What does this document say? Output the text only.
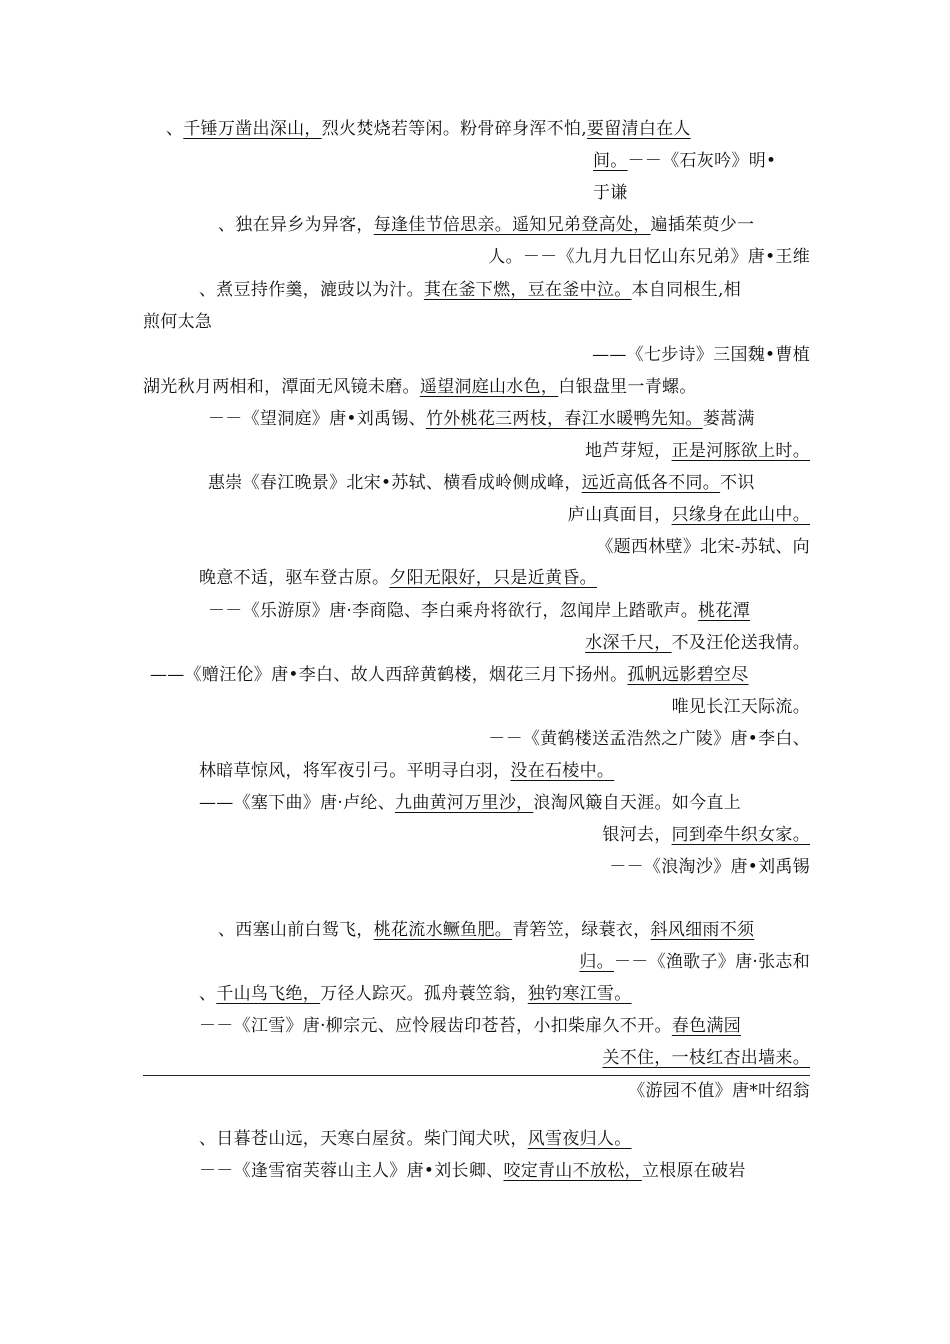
、千锤万凿出深山，烈火焚烧若等闲。粉骨碎身浑不怕,要留清白在人
间。－－《石灰吟》明•
于谦
、独在异乡为异客，每逢佳节倍思亲。遥知兄弟登高处，遍插茱萸少一
人。－－《九月九日忆山东兄弟》唐•王维
、煮豆持作羹，漉豉以为汁。萁在釜下燃，豆在釜中泣。本自同根生,相
煎何太急
——《七步诗》三国魏•曹植
湖光秋月两相和，潭面无风镜未磨。遥望洞庭山水色，白银盘里一青螺。
－－《望洞庭》唐•刘禹锡、竹外桃花三两枝，春江水暖鸭先知。蒌蒿满
地芦芽短，正是河豚欲上时。
惠崇《春江晚景》北宋•苏轼、横看成岭侧成峰，远近高低各不同。不识
庐山真面目，只缘身在此山中。
《题西林壁》北宋-苏轼、向
晚意不适，驱车登古原。夕阳无限好，只是近黄昏。
－－《乐游原》唐·李商隐、李白乘舟将欲行，忽闻岸上踏歌声。桃花潭
水深千尺，不及汪伦送我情。
——《赠汪伦》唐•李白、故人西辞黄鹤楼，烟花三月下扬州。孤帆远影碧空尽
唯见长江天际流。
－－《黄鹤楼送孟浩然之广陵》唐•李白、
林暗草惊风，将军夜引弓。平明寻白羽，没在石棱中。
——《塞下曲》唐·卢纶、九曲黄河万里沙，浪淘风簸自天涯。如今直上
银河去，同到牵牛织女家。
－－《浪淘沙》唐•刘禹锡
、西塞山前白鸳飞，桃花流水鳜鱼肥。青箬笠，绿蓑衣，斜风细雨不须
归。－－《渔歌子》唐·张志和
、千山鸟飞绝，万径人踪灭。孤舟蓑笠翁，独钓寒江雪。
－－《江雪》唐·柳宗元、应怜屐齿印苍苔，小扣柴扉久不开。春色满园
关不住，一枝红杏出墙来。
《游园不值》唐*叶绍翁
、日暮苍山远，天寒白屋贫。柴门闻犬吠，风雪夜归人。
－－《逢雪宿芙蓉山主人》唐•刘长卿、咬定青山不放松，立根原在破岩
